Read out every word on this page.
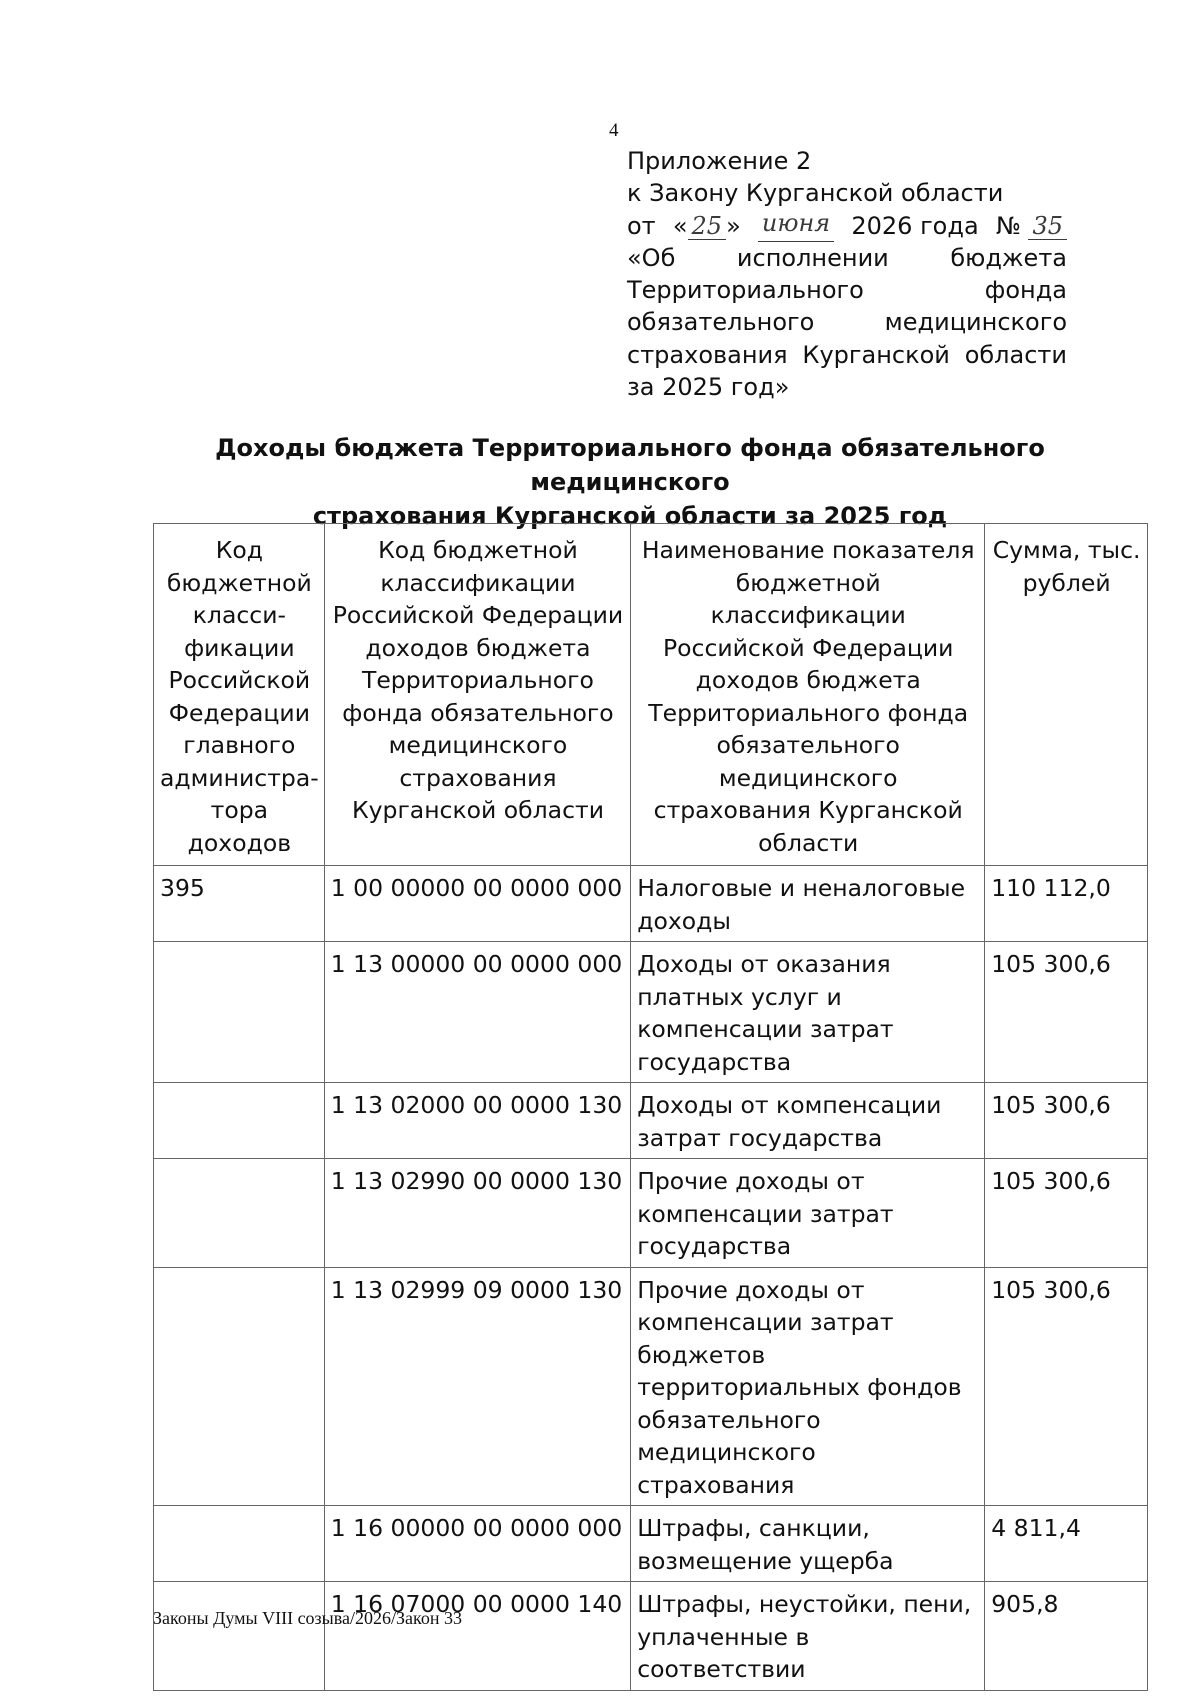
4
Приложение 2
к Закону Курганской области
от « 25 » июня 2026 года № 35
«Об	исполнении	бюджета
Территориального	фонда
обязательного	медицинского
страхования Курганской области
за 2025 год»
Доходы бюджета Территориального фонда обязательного медицинского
страхования Курганской области за 2025 год
Код бюджетной класси-фикации Российской Федерации главного администра-тора доходов	Код бюджетной классификации Российской Федерации доходов бюджета Территориального фонда обязательного медицинского страхования Курганской области	Наименование показателя бюджетной классификации Российской Федерации доходов бюджета Территориального фонда обязательного медицинского страхования Курганской области	Сумма, тыс. рублей
395	1 00 00000 00 0000 000	Налоговые и неналоговые доходы	110 112,0
	1 13 00000 00 0000 000	Доходы от оказания платных услуг и компенсации затрат государства	105 300,6
	1 13 02000 00 0000 130	Доходы от компенсации затрат государства	105 300,6
	1 13 02990 00 0000 130	Прочие доходы от компенсации затрат государства	105 300,6
	1 13 02999 09 0000 130	Прочие доходы от компенсации затрат бюджетов территориальных фондов обязательного медицинского страхования	105 300,6
	1 16 00000 00 0000 000	Штрафы, санкции, возмещение ущерба	4 811,4
	1 16 07000 00 0000 140	Штрафы, неустойки, пени, уплаченные в соответствии	905,8
Законы Думы VIII созыва/2026/Закон 33
